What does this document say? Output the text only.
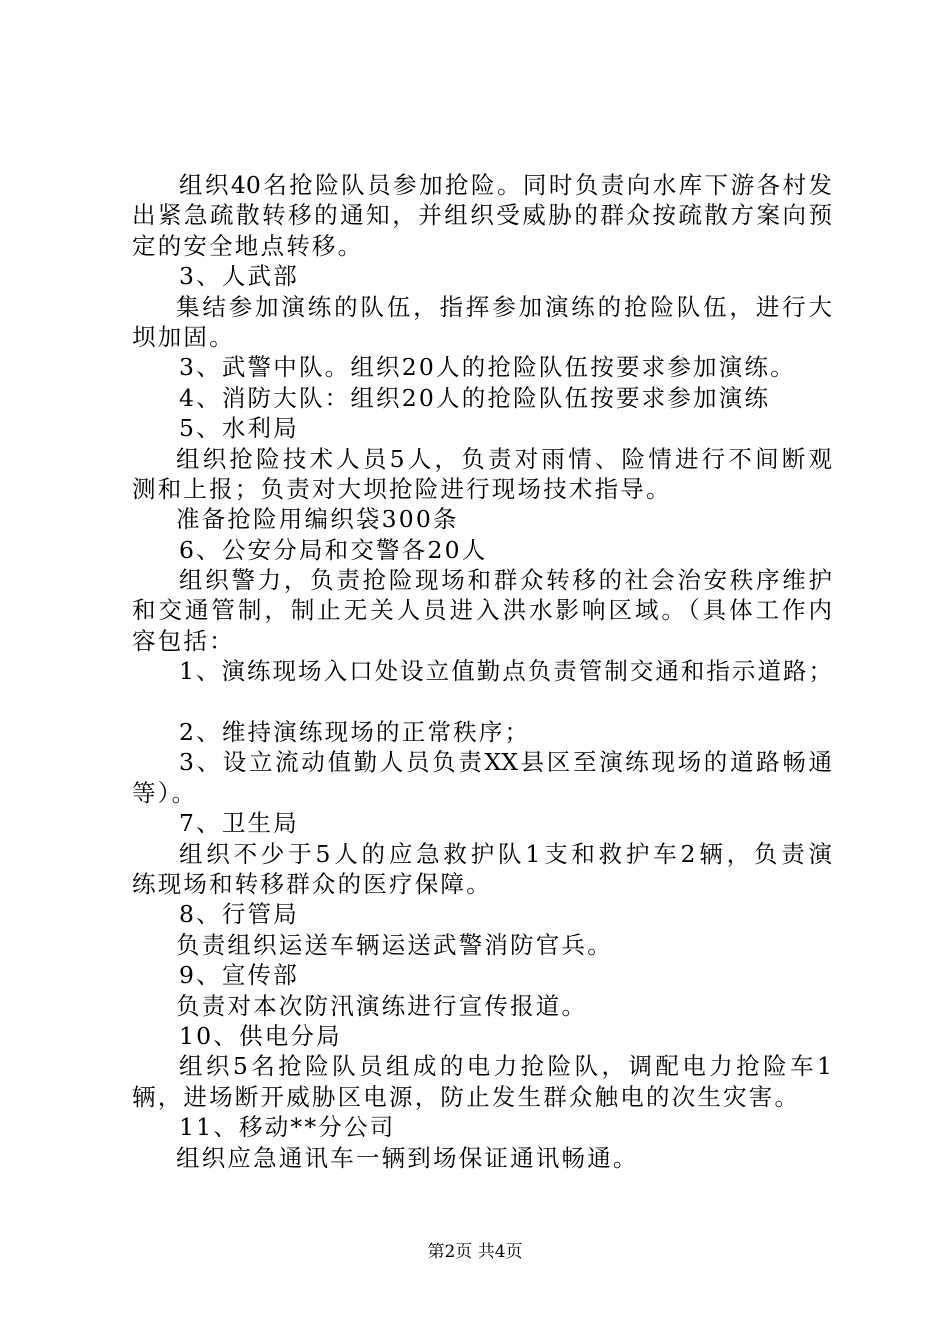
组织40名抢险队员参加抢险。同时负责向水库下游各村发
出紧急疏散转移的通知，并组织受威胁的群众按疏散方案向预
定的安全地点转移。
3、人武部
集结参加演练的队伍，指挥参加演练的抢险队伍，进行大
坝加固。
3、武警中队。组织20人的抢险队伍按要求参加演练。
4、消防大队：组织20人的抢险队伍按要求参加演练
5、水利局
组织抢险技术人员5人，负责对雨情、险情进行不间断观
测和上报；负责对大坝抢险进行现场技术指导。
准备抢险用编织袋300条
6、公安分局和交警各20人
组织警力，负责抢险现场和群众转移的社会治安秩序维护
和交通管制，制止无关人员进入洪水影响区域。（具体工作内
容包括：
1、演练现场入口处设立值勤点负责管制交通和指示道路；
2、维持演练现场的正常秩序；
3、设立流动值勤人员负责XX县区至演练现场的道路畅通
等）。
7、卫生局
组织不少于5人的应急救护队1支和救护车2辆，负责演
练现场和转移群众的医疗保障。
8、行管局
负责组织运送车辆运送武警消防官兵。
9、宣传部
负责对本次防汛演练进行宣传报道。
10、供电分局
组织5名抢险队员组成的电力抢险队，调配电力抢险车1
辆，进场断开威胁区电源，防止发生群众触电的次生灾害。
11、移动**分公司
组织应急通讯车一辆到场保证通讯畅通。
第2页 共4页
